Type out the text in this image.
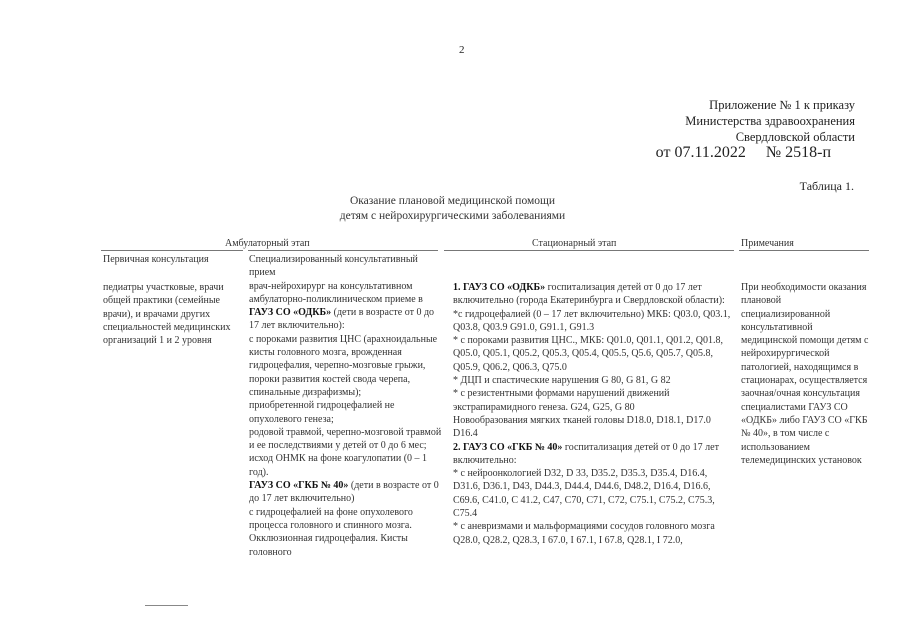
2
Приложение № 1 к приказу
Министерства здравоохранения
Свердловской области
от 07.11.2022 № 2518-п
Таблица 1.
Оказание плановой медицинской помощи
детям с нейрохирургическими заболеваниями
Амбулаторный этап	Стационарный этап	Примечания
Первичная консультация
педиатры участковые, врачи общей практики (семейные врачи), и врачами других специальностей медицинских организаций 1 и 2 уровня

Специализированный консультативный прием

врач-нейрохирург на консультативном амбулаторно-поликлиническом приеме в ГАУЗ СО «ОДКБ» (дети в возрасте от 0 до 17 лет включительно):

с пороками развития ЦНС (арахноидальные кисты головного мозга, врожденная гидроцефалия, черепно-мозговые грыжи, пороки развития костей свода черепа, спинальные дизрафизмы);

приобретенной гидроцефалией не опухолевого генеза;

родовой травмой, черепно-мозговой травмой и ее последствиями у детей от 0 до 6 мес;

исход ОНМК на фоне коагулопатии (0 – 1 год).

ГАУЗ СО «ГКБ № 40» (дети в возрасте от 0 до 17 лет включительно)

с гидроцефалией на фоне опухолевого процесса головного и спинного мозга. Окклюзионная гидроцефалия. Кисты головного

1. ГАУЗ СО «ОДКБ» госпитализация детей от 0 до 17 лет включительно (города Екатеринбурга и Свердловской области):

*с гидроцефалией (0 – 17 лет включительно) МКБ: Q03.0, Q03.1, Q03.8, Q03.9 G91.0, G91.1, G91.3

* с пороками развития ЦНС., МКБ: Q01.0, Q01.1, Q01.2, Q01.8, Q05.0, Q05.1, Q05.2, Q05.3, Q05.4, Q05.5, Q5.6, Q05.7, Q05.8, Q05.9, Q06.2, Q06.3, Q75.0

* ДЦП и спастические нарушения G 80, G 81, G 82

* с резистентными формами нарушений движений экстрапирамидного генеза. G24, G25, G 80

Новообразования мягких тканей головы D18.0, D18.1, D17.0 D16.4

2. ГАУЗ СО «ГКБ № 40» госпитализация детей от 0 до 17 лет включительно:

* с нейроонкологией D32, D 33, D35.2, D35.3, D35.4, D16.4, D31.6, D36.1, D43, D44.3, D44.4, D44.6, D48.2, D16.4, D16.6, C69.6, C41.0, C 41.2, C47, C70, C71, C72, C75.1, C75.2, C75.3, C75.4

* с аневризмами и мальформациями сосудов головного мозга Q28.0, Q28.2, Q28.3, I 67.0, I 67.1, I 67.8, Q28.1, I 72.0,

При необходимости оказания плановой специализированной консультативной медицинской помощи детям с нейрохирургической патологией, находящимся в стационарах, осуществляется заочная/очная консультация специалистами ГАУЗ СО «ОДКБ» либо ГАУЗ СО «ГКБ № 40», в том числе с использованием телемедицинских установок
